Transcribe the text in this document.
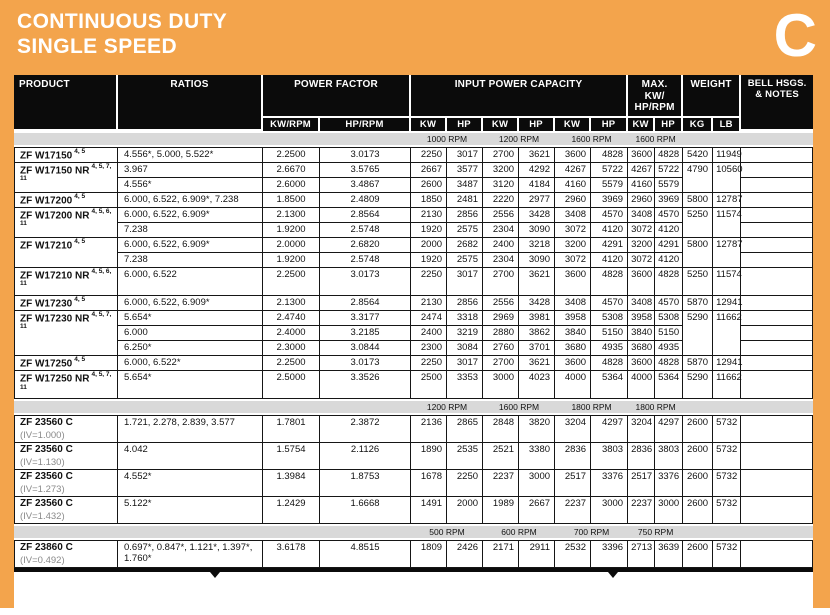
CONTINUOUS DUTY
SINGLE SPEED	C
PRODUCT	RATIOS	POWER FACTOR		INPUT POWER CAPACITY						MAX. KW/
HP/RPM		WEIGHT		BELL HSGS.
& NOTES

		KW/RPM	HP/RPM	KW	HP	KW	HP	KW	HP	KW	HP	KG	LB	

				1000 RPM		1200 RPM		1600 RPM		1600 RPM				

ZF W17150 $^{4, 5}$	4.556*, 5.000, 5.522*	2.2500	3.0173	2250	3017	2700	3621	3600	4828	3600	4828	5420	11949	
ZF W17150 NR $^{4, 5, 7, 11}$	3.967	2.6670	3.5765	2667	3577	3200	4292	4267	5722	4267	5722	4790	10560	
	4.556*	2.6000	3.4867	2600	3487	3120	4184	4160	5579	4160	5579			
ZF W17200 $^{4, 5}$	6.000, 6.522, 6.909*, 7.238	1.8500	2.4809	1850	2481	2220	2977	2960	3969	2960	3969	5800	12787	
ZF W17200 NR $^{4, 5, 6, 11}$	6.000, 6.522, 6.909*	2.1300	2.8564	2130	2856	2556	3428	3408	4570	3408	4570	5250	11574	
	7.238	1.9200	2.5748	1920	2575	2304	3090	3072	4120	3072	4120			
ZF W17210 $^{4, 5}$	6.000, 6.522, 6.909*	2.0000	2.6820	2000	2682	2400	3218	3200	4291	3200	4291	5800	12787	
	7.238	1.9200	2.5748	1920	2575	2304	3090	3072	4120	3072	4120			
ZF W17210 NR $^{4, 5, 6, 11}$	6.000, 6.522	2.2500	3.0173	2250	3017	2700	3621	3600	4828	3600	4828	5250	11574	
ZF W17230 $^{4, 5}$	6.000, 6.522, 6.909*	2.1300	2.8564	2130	2856	2556	3428	3408	4570	3408	4570	5870	12941	
ZF W17230 NR $^{4, 5, 7, 11}$	5.654*	2.4740	3.3177	2474	3318	2969	3981	3958	5308	3958	5308	5290	11662	
	6.000	2.4000	3.2185	2400	3219	2880	3862	3840	5150	3840	5150			
	6.250*	2.3000	3.0844	2300	3084	2760	3701	3680	4935	3680	4935			
ZF W17250 $^{4, 5}$	6.000, 6.522*	2.2500	3.0173	2250	3017	2700	3621	3600	4828	3600	4828	5870	12941	
ZF W17250 NR $^{4, 5, 7, 11}$	5.654*	2.5000	3.3526	2500	3353	3000	4023	4000	5364	4000	5364	5290	11662	

				1200 RPM		1600 RPM		1800 RPM		1800 RPM				

ZF 23560 C
(IV=1.000)	1.721, 2.278, 2.839, 3.577	1.7801	2.3872	2136	2865	2848	3820	3204	4297	3204	4297	2600	5732	
ZF 23560 C
(IV=1.130)	4.042	1.5754	2.1126	1890	2535	2521	3380	2836	3803	2836	3803	2600	5732	
ZF 23560 C
(IV=1.273)	4.552*	1.3984	1.8753	1678	2250	2237	3000	2517	3376	2517	3376	2600	5732	
ZF 23560 C
(IV=1.432)	5.122*	1.2429	1.6668	1491	2000	1989	2667	2237	3000	2237	3000	2600	5732	

				500 RPM		600 RPM		700 RPM		750 RPM				

ZF 23860 C
(IV=0.492)	0.697*, 0.847*, 1.121*, 1.397*, 1.760*	3.6178	4.8515	1809	2426	2171	2911	2532	3396	2713	3639	2600	5732	
